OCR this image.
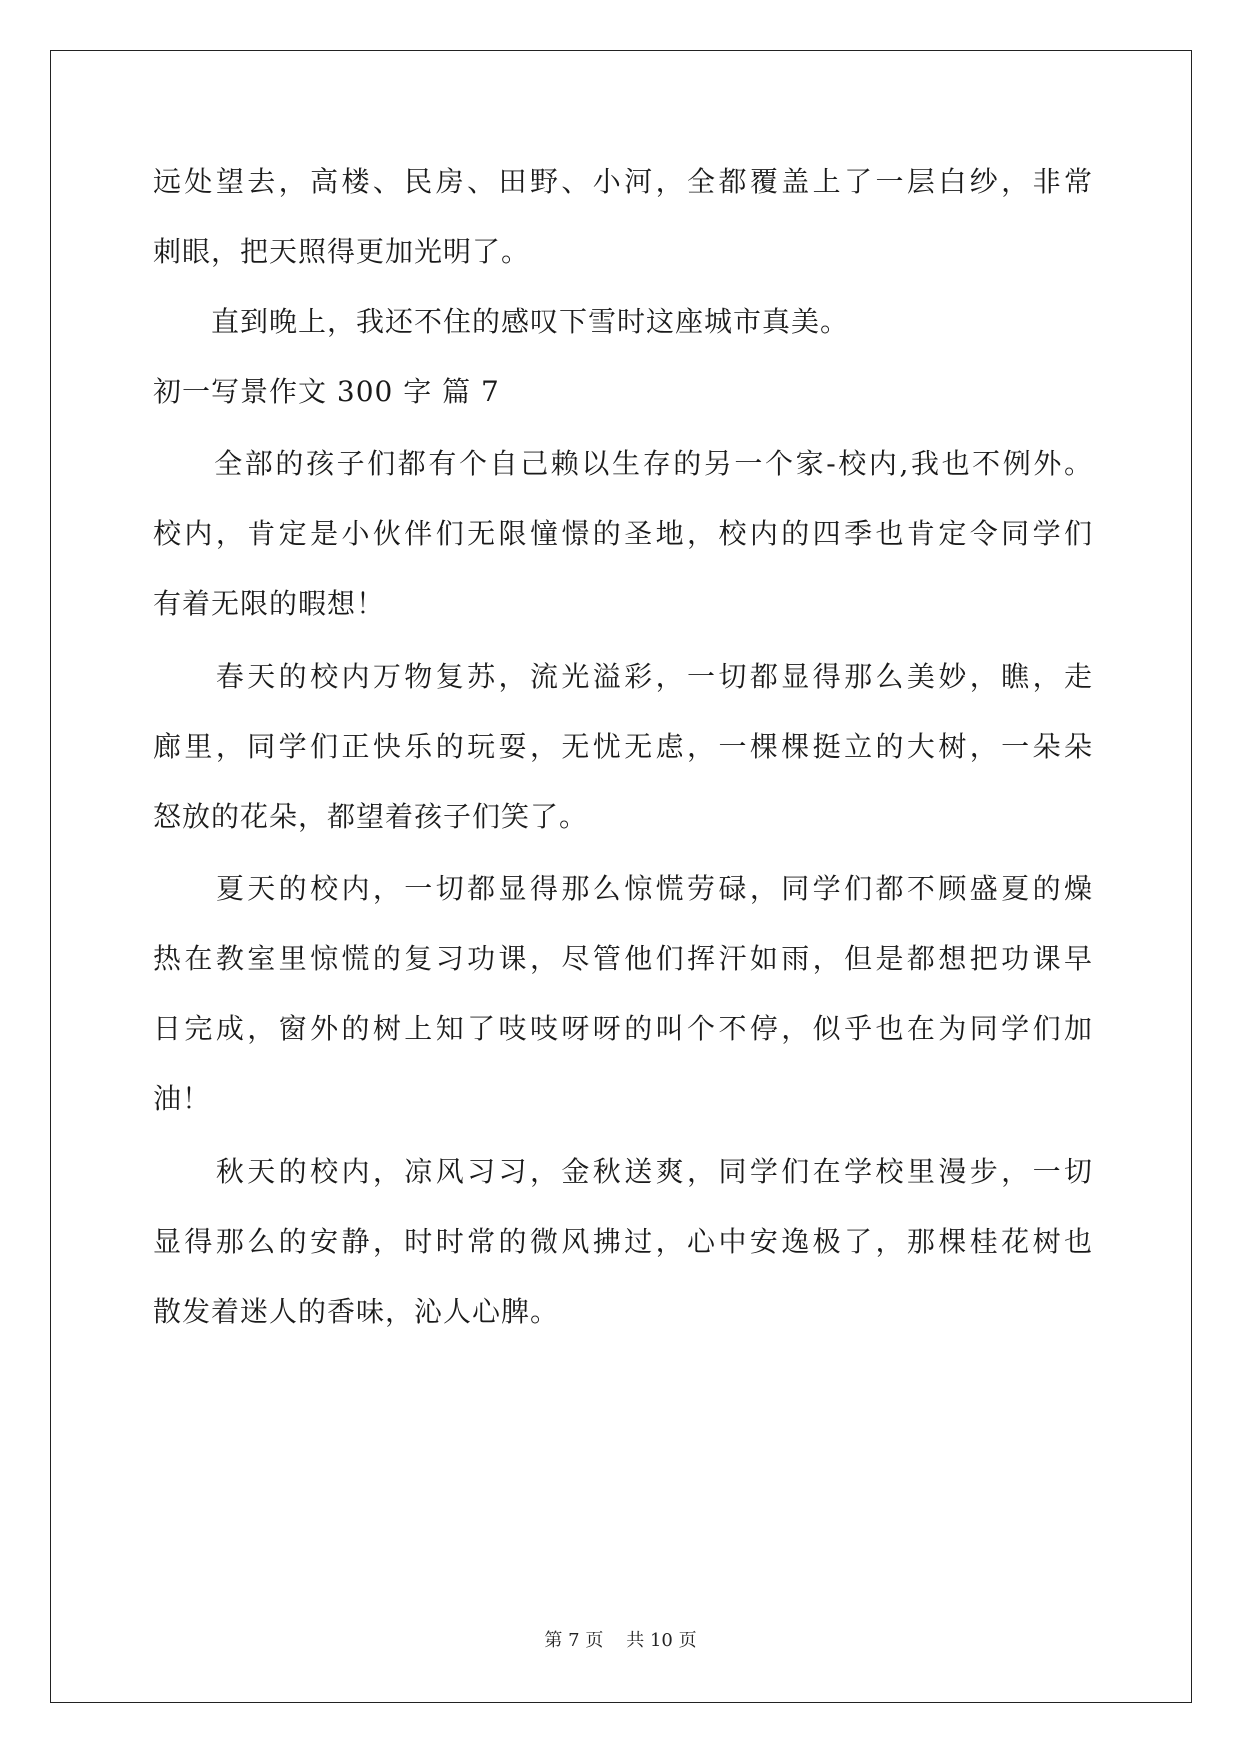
远处望去，高楼、民房、田野、小河，全都覆盖上了一层白纱，非常
刺眼，把天照得更加光明了。
　　直到晚上，我还不住的感叹下雪时这座城市真美。
初一写景作文 300 字 篇 7
　　全部的孩子们都有个自己赖以生存的另一个家-校内,我也不例外。
校内，肯定是小伙伴们无限憧憬的圣地，校内的四季也肯定令同学们
有着无限的暇想！
　　春天的校内万物复苏，流光溢彩，一切都显得那么美妙，瞧，走
廊里，同学们正快乐的玩耍，无忧无虑，一棵棵挺立的大树，一朵朵
怒放的花朵，都望着孩子们笑了。
　　夏天的校内，一切都显得那么惊慌劳碌，同学们都不顾盛夏的燥
热在教室里惊慌的复习功课，尽管他们挥汗如雨，但是都想把功课早
日完成，窗外的树上知了吱吱呀呀的叫个不停，似乎也在为同学们加
油！
　　秋天的校内，凉风习习，金秋送爽，同学们在学校里漫步，一切
显得那么的安静，时时常的微风拂过，心中安逸极了，那棵桂花树也
散发着迷人的香味，沁人心脾。
第 7 页 共 10 页
